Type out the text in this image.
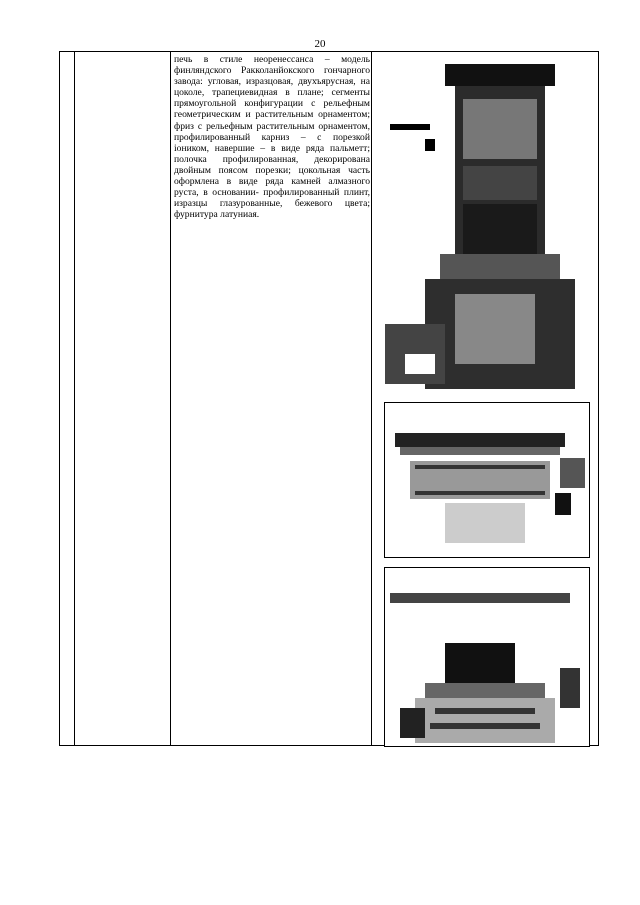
20
печь в стиле неоренессанса – модель финляндского Ракколанйокского гончарного завода: угловая, изразцовая, двухъярусная, на цоколе, трапециевидная в плане; сегменты прямоугольной конфигурации с рельефным геометрическим и растительным орнаментом; фриз с рельефным растительным орнаментом, профилированный карниз – с порезкой ioником, навершие – в виде ряда пальметт; полочка профилированная, декорирована двойным поясом порезки; цокольная часть оформлена в виде ряда камней алмазного руста, в основании- профилированный плинт, изразцы глазурованные, бежевого цвета; фурнитура латуниая.
